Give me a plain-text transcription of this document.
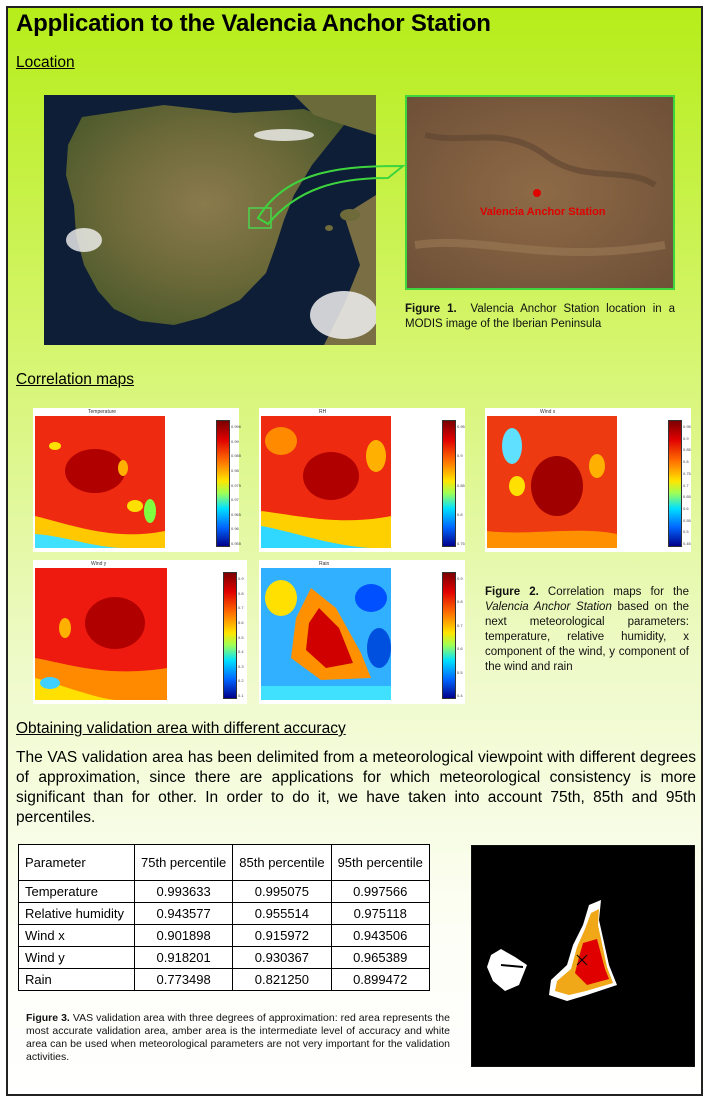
Application to the Valencia Anchor Station
Location
Valencia Anchor Station
Figure 1. Valencia Anchor Station location in a MODIS image of the Iberian Peninsula
Correlation maps
Temperature
0.996
0.99
0.985
0.98
0.975
0.97
0.965
0.96
0.955
RH
0.95
0.9
0.85
0.8
0.75
Wind x
0.95
0.9
0.85
0.8
0.75
0.7
0.65
0.6
0.55
0.5
0.45
Wind y
0.9
0.8
0.7
0.6
0.5
0.4
0.3
0.2
0.1
Rain
0.9
0.8
0.7
0.6
0.5
0.4
Figure 2. Correlation maps for the Valencia Anchor Station based on the next meteorological parameters: temperature, relative humidity, x component of the wind, y component of the wind and rain
Obtaining validation area with different accuracy
The VAS validation area has been delimited from a meteorological viewpoint with different degrees of approximation, since there are applications for which meteorological consistency is more significant than for other. In order to do it, we have taken into account 75th, 85th and 95th percentiles.
Parameter	75th percentile	85th percentile	95th percentile
Temperature	0.993633	0.995075	0.997566
Relative humidity	0.943577	0.955514	0.975118
Wind x	0.901898	0.915972	0.943506
Wind y	0.918201	0.930367	0.965389
Rain	0.773498	0.821250	0.899472
Figure 3. VAS validation area with three degrees of approximation: red area represents the most accurate validation area, amber area is the intermediate level of accuracy and white area can be used when meteorological parameters are not very important for the validation activities.
